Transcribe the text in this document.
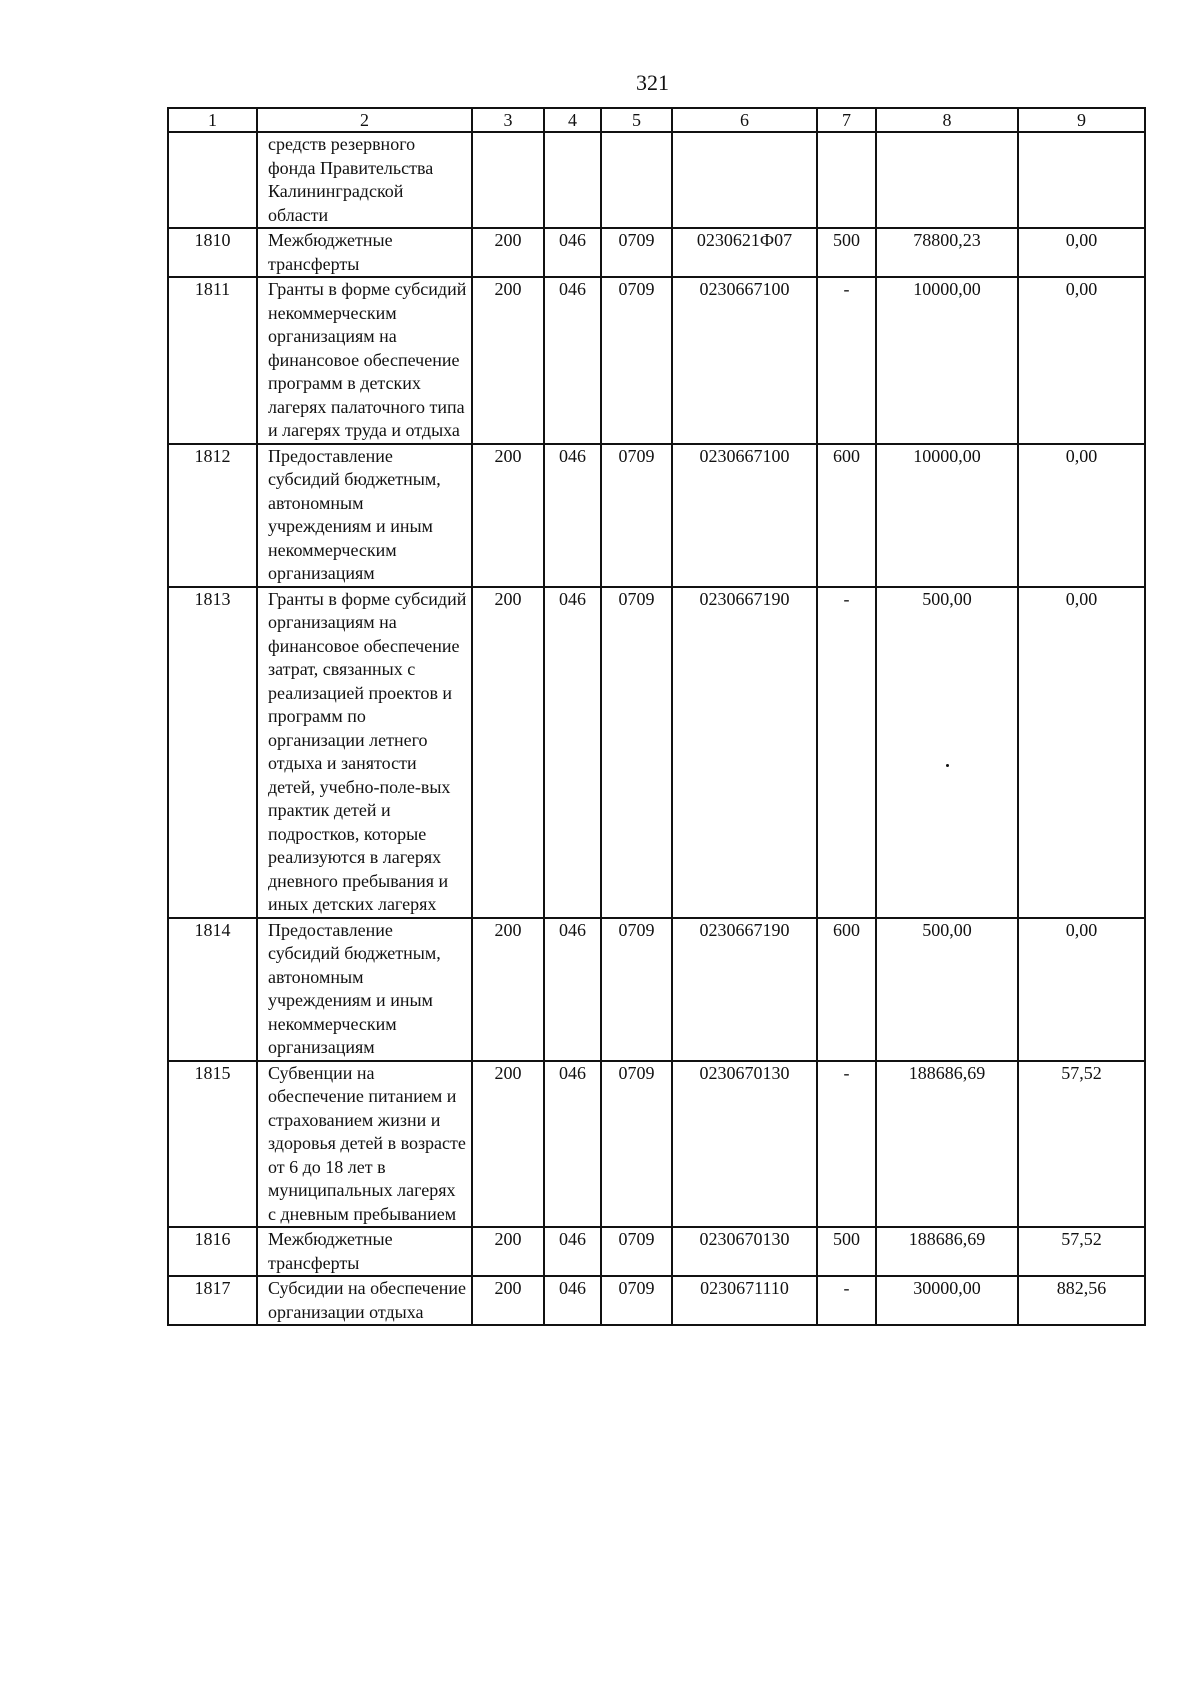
321
1	2	3	4	5	6	7	8	9
	средств резервного фонда Правительства Калининградской области							
1810	Межбюджетные трансферты	200	046	0709	0230621Ф07	500	78800,23	0,00
1811	Гранты в форме субсидий некоммерческим организациям на финансовое обеспечение программ в детских лагерях палаточного типа и лагерях труда и отдыха	200	046	0709	0230667100	-	10000,00	0,00
1812	Предоставление субсидий бюджетным, автономным учреждениям и иным некоммерческим организациям	200	046	0709	0230667100	600	10000,00	0,00
1813	Гранты в форме субсидий организациям на финансовое обеспечение затрат, связанных с реализацией проектов и программ по организации летнего отдыха и занятости детей, учебно-поле-вых практик детей и подростков, которые реализуются в лагерях дневного пребывания и иных детских лагерях	200	046	0709	0230667190	-	500,00	0,00
1814	Предоставление субсидий бюджетным, автономным учреждениям и иным некоммерческим организациям	200	046	0709	0230667190	600	500,00	0,00
1815	Субвенции на обеспечение питанием и страхованием жизни и здоровья детей в возрасте от 6 до 18 лет в муниципальных лагерях с дневным пребыванием	200	046	0709	0230670130	-	188686,69	57,52
1816	Межбюджетные трансферты	200	046	0709	0230670130	500	188686,69	57,52
1817	Субсидии на обеспечение организации отдыха	200	046	0709	0230671110	-	30000,00	882,56
